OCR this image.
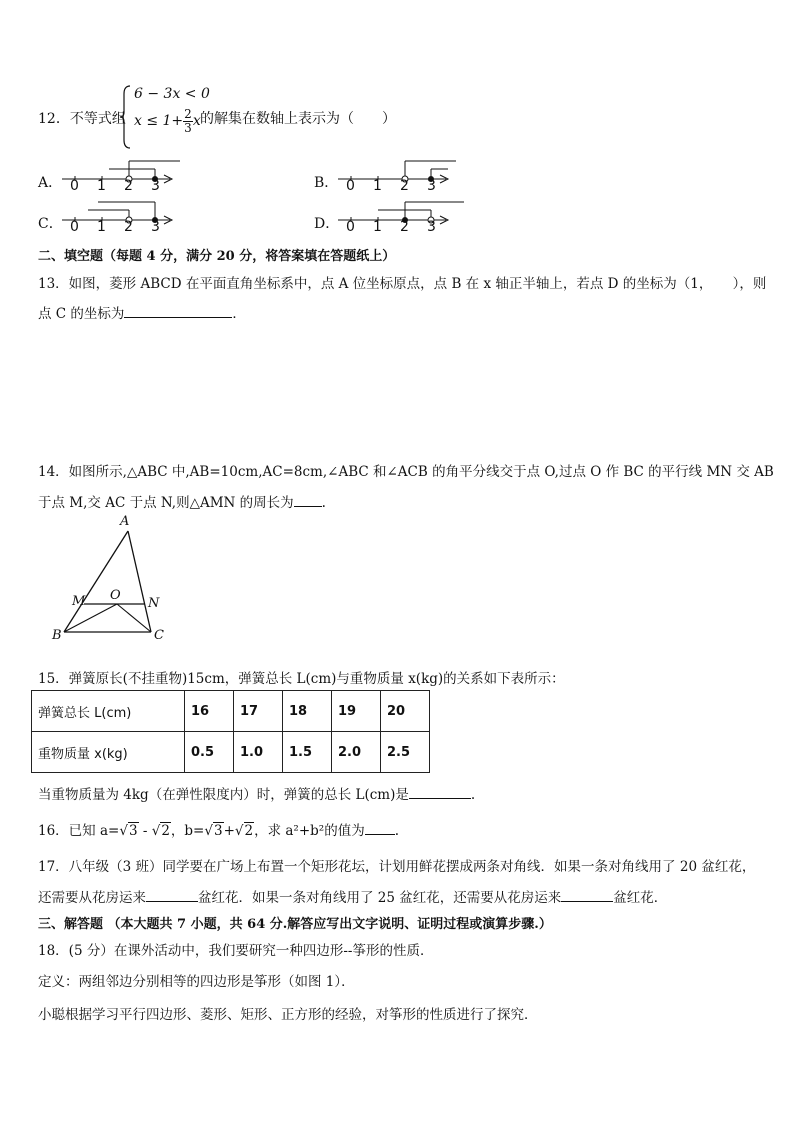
12．不等式组
6 − 3x < 0
$x \le 1+ \frac{2}{3}$ x 的解集在数轴上表示为（　　）
A． 0 1 2 3	B． 0 1 2 3
C． 0 1 2 3	D． 0 1 2 3
二、填空题（每题 4 分，满分 20 分，将答案填在答题纸上）
13．如图，菱形 ABCD 在平面直角坐标系中，点 A 位坐标原点，点 B 在 x 轴正半轴上，若点 D 的坐标为（1，　　），则
点 C 的坐标为	．
14．如图所示,△ABC 中,AB=10cm,AC=8cm,∠ABC 和∠ACB 的角平分线交于点 O,过点 O 作 BC 的平行线 MN 交 AB
于点 M,交 AC 于点 N,则△AMN 的周长为 .
A
M O
N
B	C
15．弹簧原长(不挂重物)15cm，弹簧总长 L(cm)与重物质量 x(kg)的关系如下表所示：
弹簧总长 L(cm)	16	17	18	19	20
重物质量 x(kg)	0.5	1.0	1.5	2.0	2.5
当重物质量为 4kg（在弹性限度内）时，弹簧的总长 L(cm)是	.
16．已知 a=√3 - √2，b=√3+√2，求 a²+b²的值为 .
17．八年级（3 班）同学要在广场上布置一个矩形花坛，计划用鲜花摆成两条对角线．如果一条对角线用了 20 盆红花，
还需要从花房运来	盆红花．如果一条对角线用了 25 盆红花，还需要从花房运来	盆红花．
三、解答题 （本大题共 7 小题，共 64 分.解答应写出文字说明、证明过程或演算步骤.）
18．(5 分）在课外活动中，我们要研究一种四边形--筝形的性质．
定义：两组邻边分别相等的四边形是筝形（如图 1）．
小聪根据学习平行四边形、菱形、矩形、正方形的经验，对筝形的性质进行了探究．
